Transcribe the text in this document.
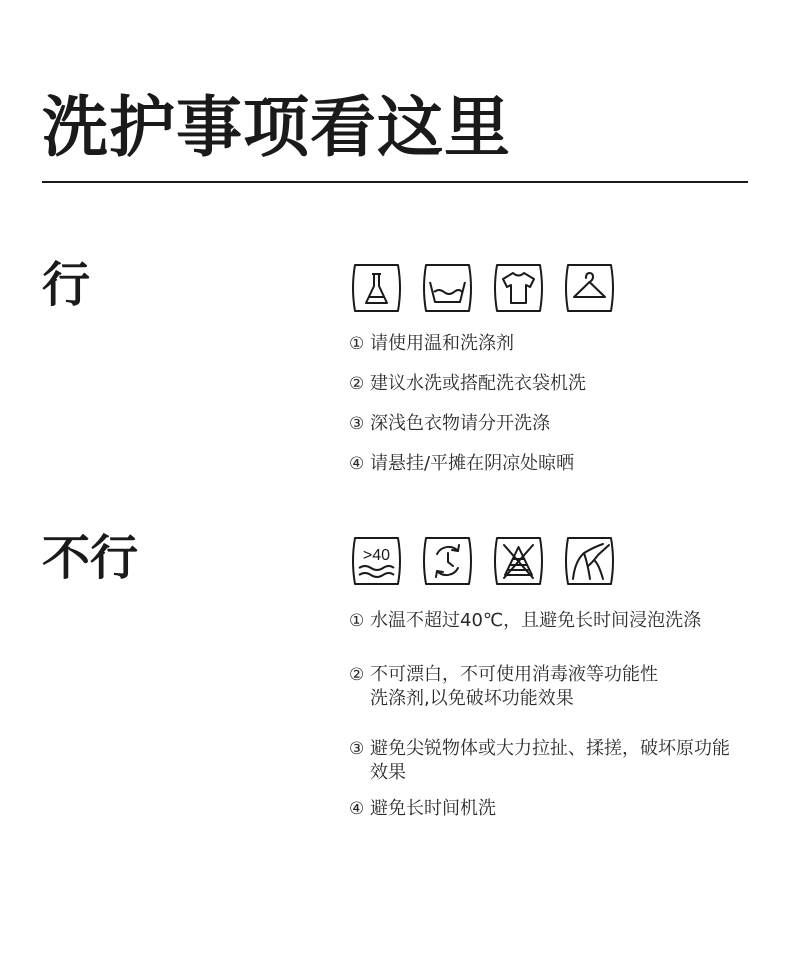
洗护事项看这里
行
① 请使用温和洗涤剂
② 建议水洗或搭配洗衣袋机洗
③ 深浅色衣物请分开洗涤
④ 请悬挂/平摊在阴凉处晾晒
不行	>40
① 水温不超过40℃，且避免长时间浸泡洗涤
② 不可漂白，不可使用消毒液等功能性
洗涤剂,以免破坏功能效果
③ 避免尖锐物体或大力拉扯、揉搓，破坏原功能
效果
④ 避免长时间机洗
